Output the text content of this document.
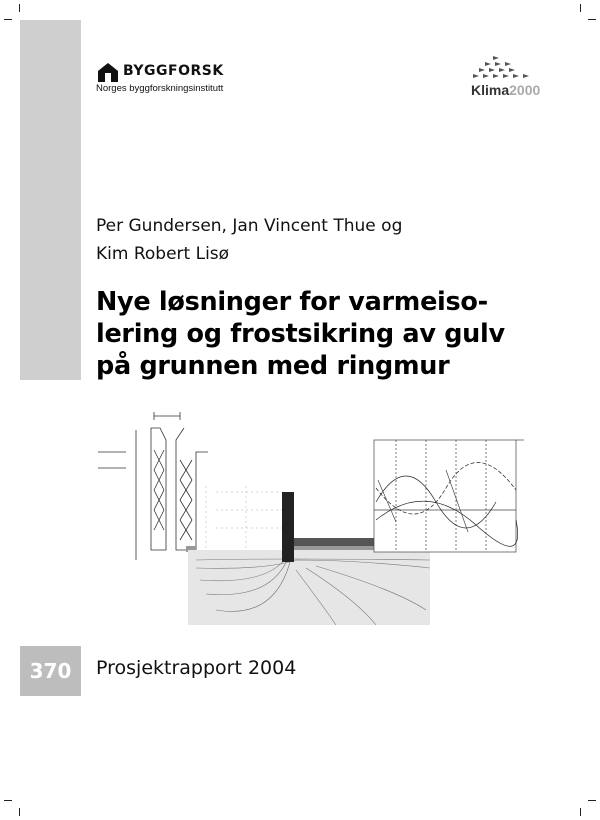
BYGGFORSK
Norges byggforskningsinstitutt	Klima2000
Per Gundersen, Jan Vincent Thue og
Kim Robert Lisø
Nye løsninger for varmeiso-
lering og frostsikring av gulv
på grunnen med ringmur
370	Prosjektrapport 2004
